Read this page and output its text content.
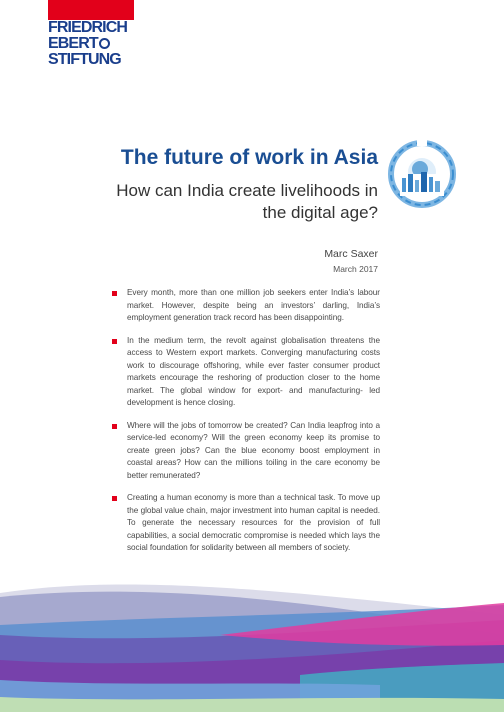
FRIEDRICH
EBERT
STIFTUNG
The future of work in Asia

How can India create livelihoods in the digital age?

Marc Saxer
March 2017
Every month, more than one million job seekers enter India’s labour market. However, despite being an investors’ darling, India’s employment generation track record has been disappointing.
In the medium term, the revolt against globalisation threatens the access to Western export markets. Converging manufacturing costs work to discourage offshoring, while ever faster consumer product markets encourage the reshoring of production closer to the home market. The global window for export- and manufacturing- led development is hence closing.
Where will the jobs of tomorrow be created? Can India leapfrog into a service-led economy? Will the green economy keep its promise to create green jobs? Can the blue economy boost employment in coastal areas? How can the millions toiling in the care economy be better remunerated?
Creating a human economy is more than a technical task. To move up the global value chain, major investment into human capital is needed. To generate the necessary resources for the provision of full capabilities, a social democratic compromise is needed which lays the social foundation for solidarity between all members of society.
